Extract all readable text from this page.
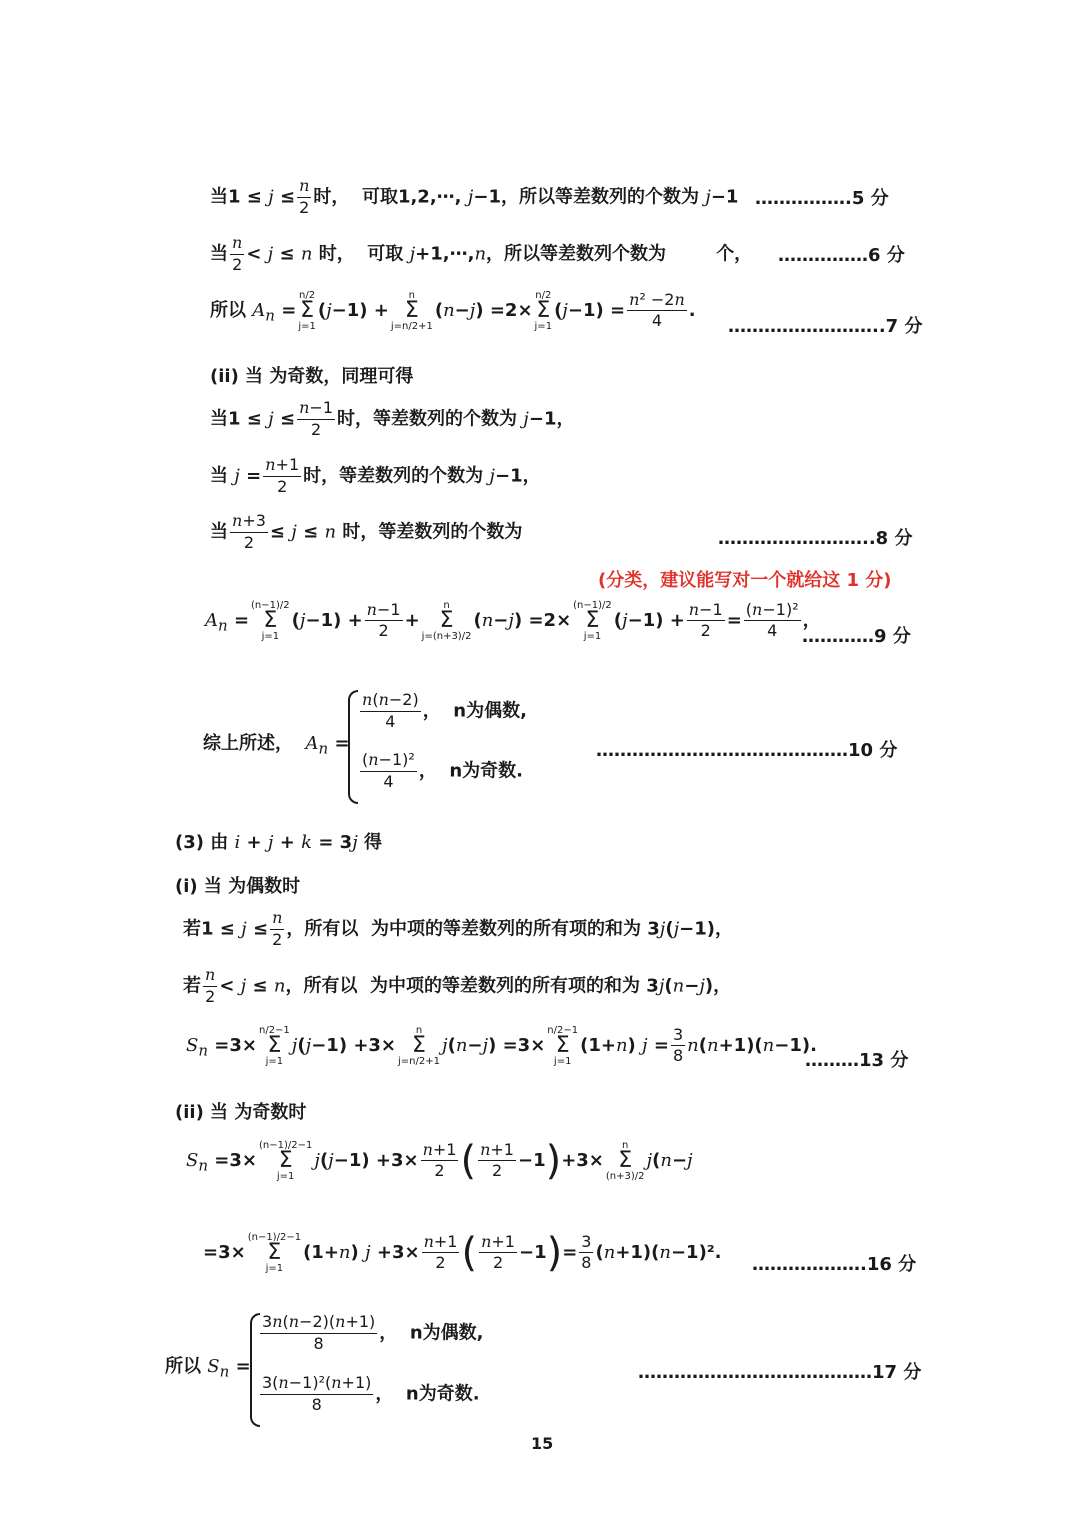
当$1 \le j \le \frac{n}{2}$ 时，  可取1,2,⋯, j−1，所以等差数列的个数为 j−1 …………….5 分
当 $\frac{n}{2} < j \le n$ 时，  可取 j+1,⋯,n，所以等差数列个数为        个， ……………6 分
所以 $A_n$ =
n/2
Σ
j=1
(j−1) +
n
Σ
j=n/2+1
(n−j) =2×
n/2
Σ
j=1
$(j-1) = \frac{\text{n² −2n}}{4}$ .
……………………..7 分
(ii) 当 为奇数，同理可得
当$1 \le j \le \frac{n-1}{2}$ 时，等差数列的个数为 j−1，
当 $j = \frac{n+1}{2}$ 时，等差数列的个数为 j−1，
当 $\frac{n+3}{2} \le j \le n$ 时，等差数列的个数为	……………………..8 分
(分类，建议能写对一个就给这 1 分)
$A_n$ =
(n−1)/2
Σ
j=1
$(j-1) + \frac{n-1}{2}$ +
n
Σ
j=(n+3)/2
(n−j) =2×
(n−1)/2
Σ
j=1
$(j-1) + \frac{n-1}{2} = \frac{\text{(n−1)²}}{4}$ ，
…………9 分
综上所述， $A_n$ =
$\frac{n(n-2)}{4}$ ，  n为偶数,
$\frac{\text{(n−1)²}}{4}$ ，  n为奇数.
……………………………………10 分
(3) 由 i + j + k = 3j 得
(i) 当 为偶数时
若$1 \le j \le \frac{n}{2}$ ，所有以  为中项的等差数列的所有项的和为 3j(j−1)，
若 $\frac{n}{2} < j \le n$，所有以  为中项的等差数列的所有项的和为 3j(n−j)，
$S_n =3\times$
n/2−1
Σ
j=1
j(j−1) +3×
n
Σ
j=n/2+1
j(n−j) =3×
n/2−1
Σ
j=1
(1+n) $j = \frac{3}{8} n(n+1)(n-1)$.
………13 分
(ii) 当 为奇数时
$S_n =3\times$
(n−1)/2−1
Σ
j=1
$j(j-1) +3\times \frac{n+1}{2}$ ( $\frac{n+1}{2} -1)+3\times$
n
Σ
(n+3)/2
j(n−j
=3×
(n−1)/2−1
Σ
j=1
(1+n) $j +3\times \frac{n+1}{2}$ ( $\frac{n+1}{2} -1)= \frac{3}{8} (n+1)(n-1)^2$.
……………….16 分
所以 $S_n$ =
$\frac{3n(n-2)(n+1)}{8}$ ，  n为偶数,
$\frac{\text{3(n−1)²(n+1)}}{8}$ ，  n为奇数.
…………………………………17 分
15
